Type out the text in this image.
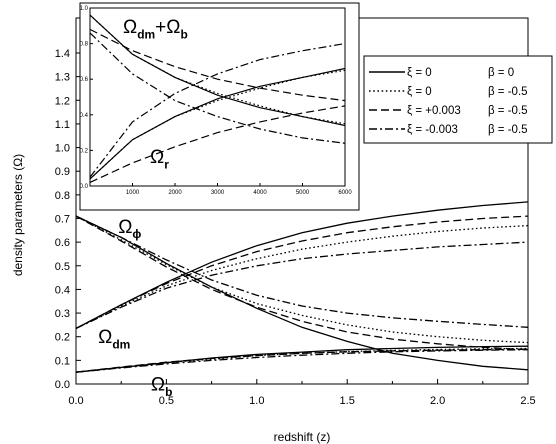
0.0	0.5	1.0	1.5	2.0	2.5
0.0
0.1
0.2
0.3
0.4
0.5
0.6
0.7
0.8
0.9
1.0
1.1
1.2
1.3
1.4
redshift (z)
density parameters (Ω)	$\Omega_\phi$
$\Omega_{dm}$
$\Omega_b$
1000	2000	3000	4000	5000	6000
0.0
0.2
0.4
0.6
0.8
1.0
$\Omega_{dm}+\Omega_b$
$\Omega_r$
ξ = 0	β = 0
ξ = 0	β = -0.5
ξ = +0.003 β = -0.5
ξ = -0.003	β = -0.5
